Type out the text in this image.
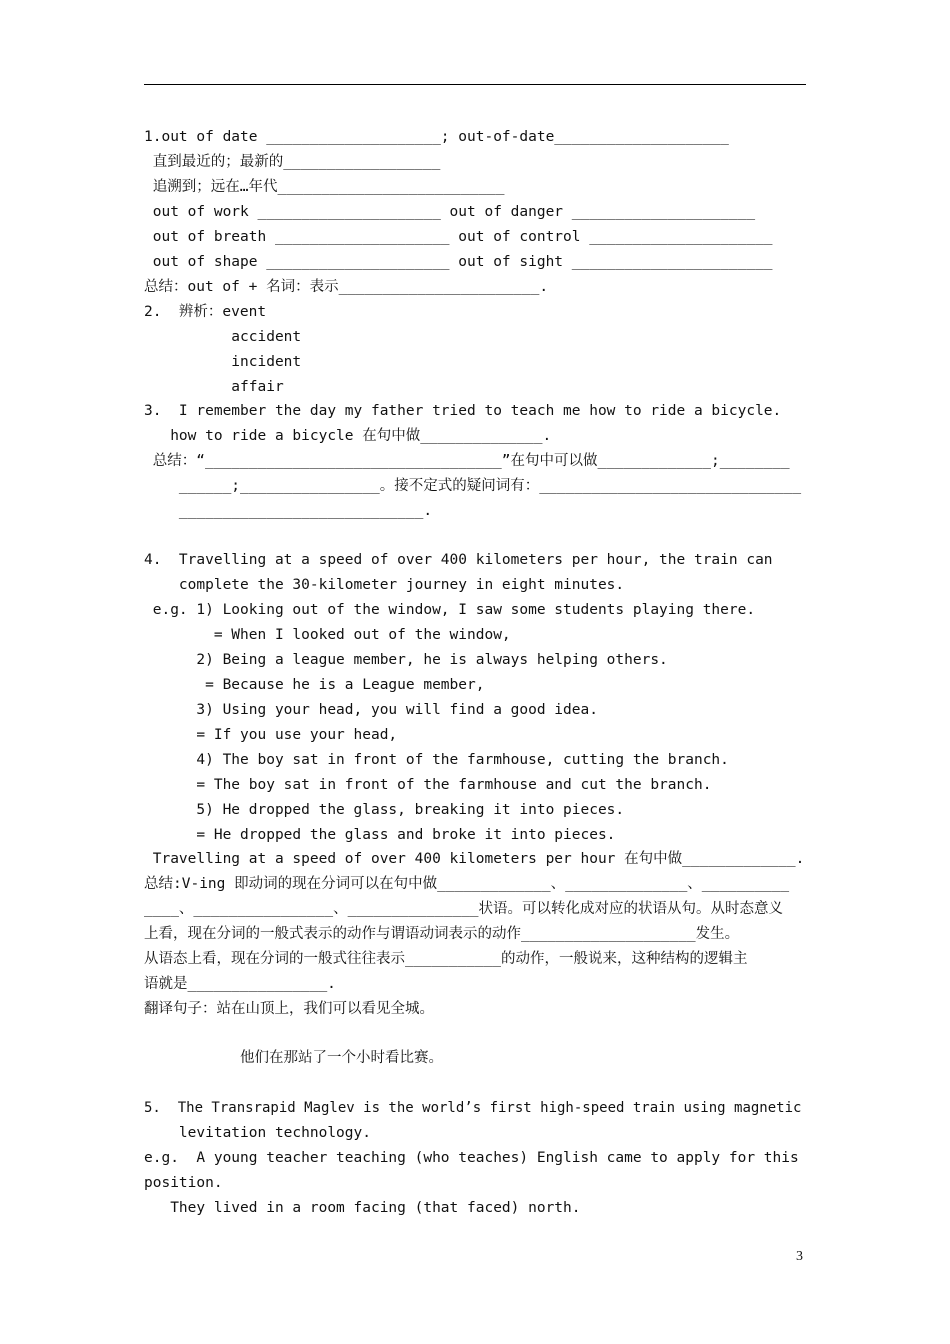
1.out of date ____________________; out-of-date____________________

直到最近的；最新的__________________

追溯到；远在…年代__________________________

out of work _____________________ out of danger _____________________

out of breath ____________________ out of control _____________________

out of shape _____________________ out of sight _______________________

总结：out of + 名词：表示_______________________.

2.  辨析：event

accident

incident

affair

3.  I remember the day my father tried to teach me how to ride a bicycle.

how to ride a bicycle 在句中做______________.

总结：“__________________________________”在句中可以做_____________;________

______;________________。接不定式的疑问词有：______________________________

____________________________.

4.  Travelling at a speed of over 400 kilometers per hour, the train can

complete the 30-kilometer journey in eight minutes.

e.g. 1) Looking out of the window, I saw some students playing there.

= When I looked out of the window,

2) Being a league member, he is always helping others.

= Because he is a League member,

3) Using your head, you will find a good idea.

= If you use your head,

4) The boy sat in front of the farmhouse, cutting the branch.

= The boy sat in front of the farmhouse and cut the branch.

5) He dropped the glass, breaking it into pieces.

= He dropped the glass and broke it into pieces.

Travelling at a speed of over 400 kilometers per hour 在句中做_____________.

总结:V-ing 即动词的现在分词可以在句中做_____________、______________、__________

____、________________、_______________状语。可以转化成对应的状语从句。从时态意义

上看，现在分词的一般式表示的动作与谓语动词表示的动作____________________发生。

从语态上看，现在分词的一般式往往表示___________的动作，一般说来，这种结构的逻辑主

语就是________________.

翻译句子：站在山顶上，我们可以看见全城。

他们在那站了一个小时看比赛。

5.  The Transrapid Maglev is the world’s first high-speed train using magnetic

levitation technology.

e.g.  A young teacher teaching (who teaches) English came to apply for this

position.

They lived in a room facing (that faced) north.

3
